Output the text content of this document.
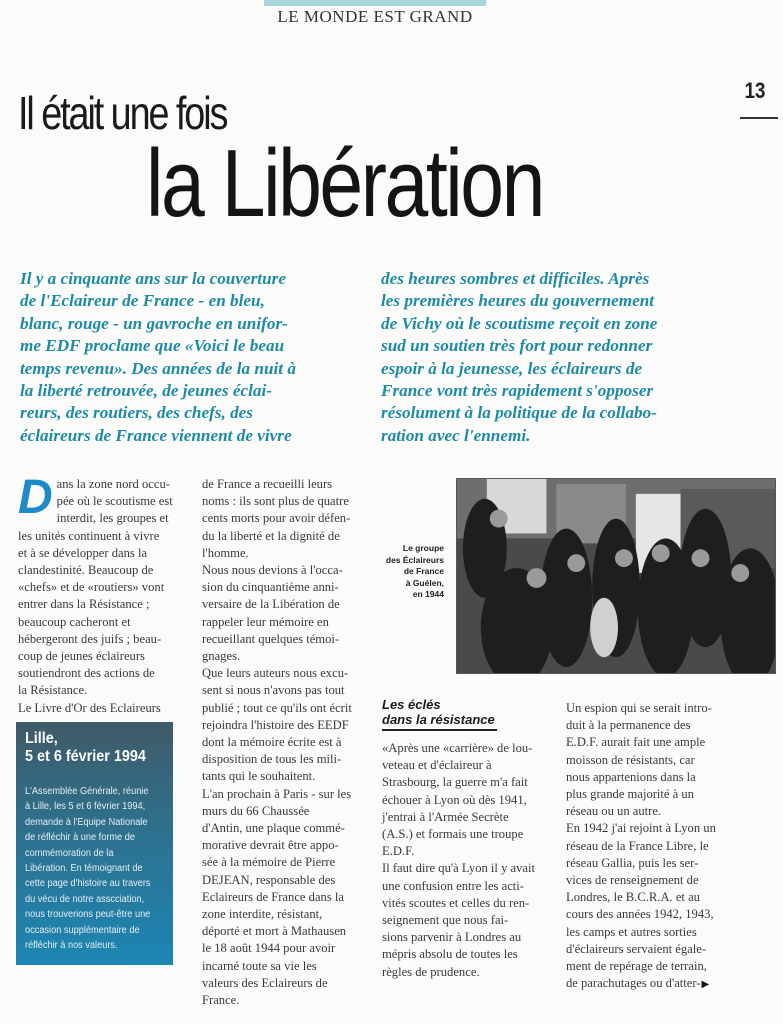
LE MONDE EST GRAND
13
Il était une fois
la Libération

Il y a cinquante ans sur la couverture

de l'Eclaireur de France - en bleu,

blanc, rouge - un gavroche en unifor-

me EDF proclame que «Voici le beau

temps revenu». Des années de la nuit à

la liberté retrouvée, de jeunes éclai-

reurs, des routiers, des chefs, des

éclaireurs de France viennent de vivre

des heures sombres et difficiles. Après

les premières heures du gouvernement

de Vichy où le scoutisme reçoit en zone

sud un soutien très fort pour redonner

espoir à la jeunesse, les éclaireurs de

France vont très rapidement s'opposer

résolument à la politique de la collabo-

ration avec l'ennemi.

D ans la zone nord occu-

pée où le scoutisme est

interdit, les groupes et

les unités continuent à vivre

et à se développer dans la

clandestinité. Beaucoup de

«chefs» et de «routiers» vont

entrer dans la Résistance ;

beaucoup cacheront et

hébergeront des juifs ; beau-

coup de jeunes éclaireurs

soutiendront des actions de

la Résistance.

Le Livre d'Or des Eclaireurs

Lille,
5 et 6 février 1994
L'Assemblée Générale, réunie
à Lille, les 5 et 6 février 1994,
demande à l'Equipe Nationale
de réfléchir à une forme de
commémoration de la
Libération. En témoignant de
cette page d'histoire au travers
du vécu de notre asscciation,
nous trouverions peut-être une
occasion supplémentaire de
réfléchir à nos valeurs.

de France a recueilli leurs

noms : ils sont plus de quatre

cents morts pour avoir défen-

du la liberté et la dignité de

l'homme.

Nous nous devions à l'occa-

sion du cinquantième anni-

versaire de la Libération de

rappeler leur mémoire en

recueillant quelques témoi-

gnages.

Que leurs auteurs nous excu-

sent si nous n'avons pas tout

publié ; tout ce qu'ils ont écrit

rejoindra l'histoire des EEDF

dont la mémoire écrite est à

disposition de tous les mili-

tants qui le souhaitent.

L'an prochain à Paris - sur les

murs du 66 Chaussée

d'Antin, une plaque commé-

morative devrait être appo-

sée à la mémoire de Pierre

DEJEAN, responsable des

Eclaireurs de France dans la

zone interdite, résistant,

déporté et mort à Mathausen

le 18 août 1944 pour avoir

incarné toute sa vie les

valeurs des Eclaireurs de

France.

Le groupe
des Éclaireurs
de France
à Guélen,
en 1944
Les éclés
dans la résistance

«Après une «carrière» de lou-

veteau et d'éclaireur à

Strasbourg, la guerre m'a fait

échouer à Lyon où dès 1941,

j'entrai à l'Armée Secrète

(A.S.) et formais une troupe

E.D.F.

Il faut dire qu'à Lyon il y avait

une confusion entre les acti-

vités scoutes et celles du ren-

seignement que nous fai-

sions parvenir à Londres au

mépris absolu de toutes les

règles de prudence.

Un espion qui se serait intro-

duit à la permanence des

E.D.F. aurait fait une ample

moisson de résistants, car

nous appartenions dans la

plus grande majorité à un

réseau ou un autre.

En 1942 j'ai rejoint à Lyon un

réseau de la France Libre, le

réseau Gallia, puis les ser-

vices de renseignement de

Londres, le B.C.R.A. et au

cours des années 1942, 1943,

les camps et autres sorties

d'éclaireurs servaient égale-

ment de repérage de terrain,

de parachutages ou d'atter-▶
